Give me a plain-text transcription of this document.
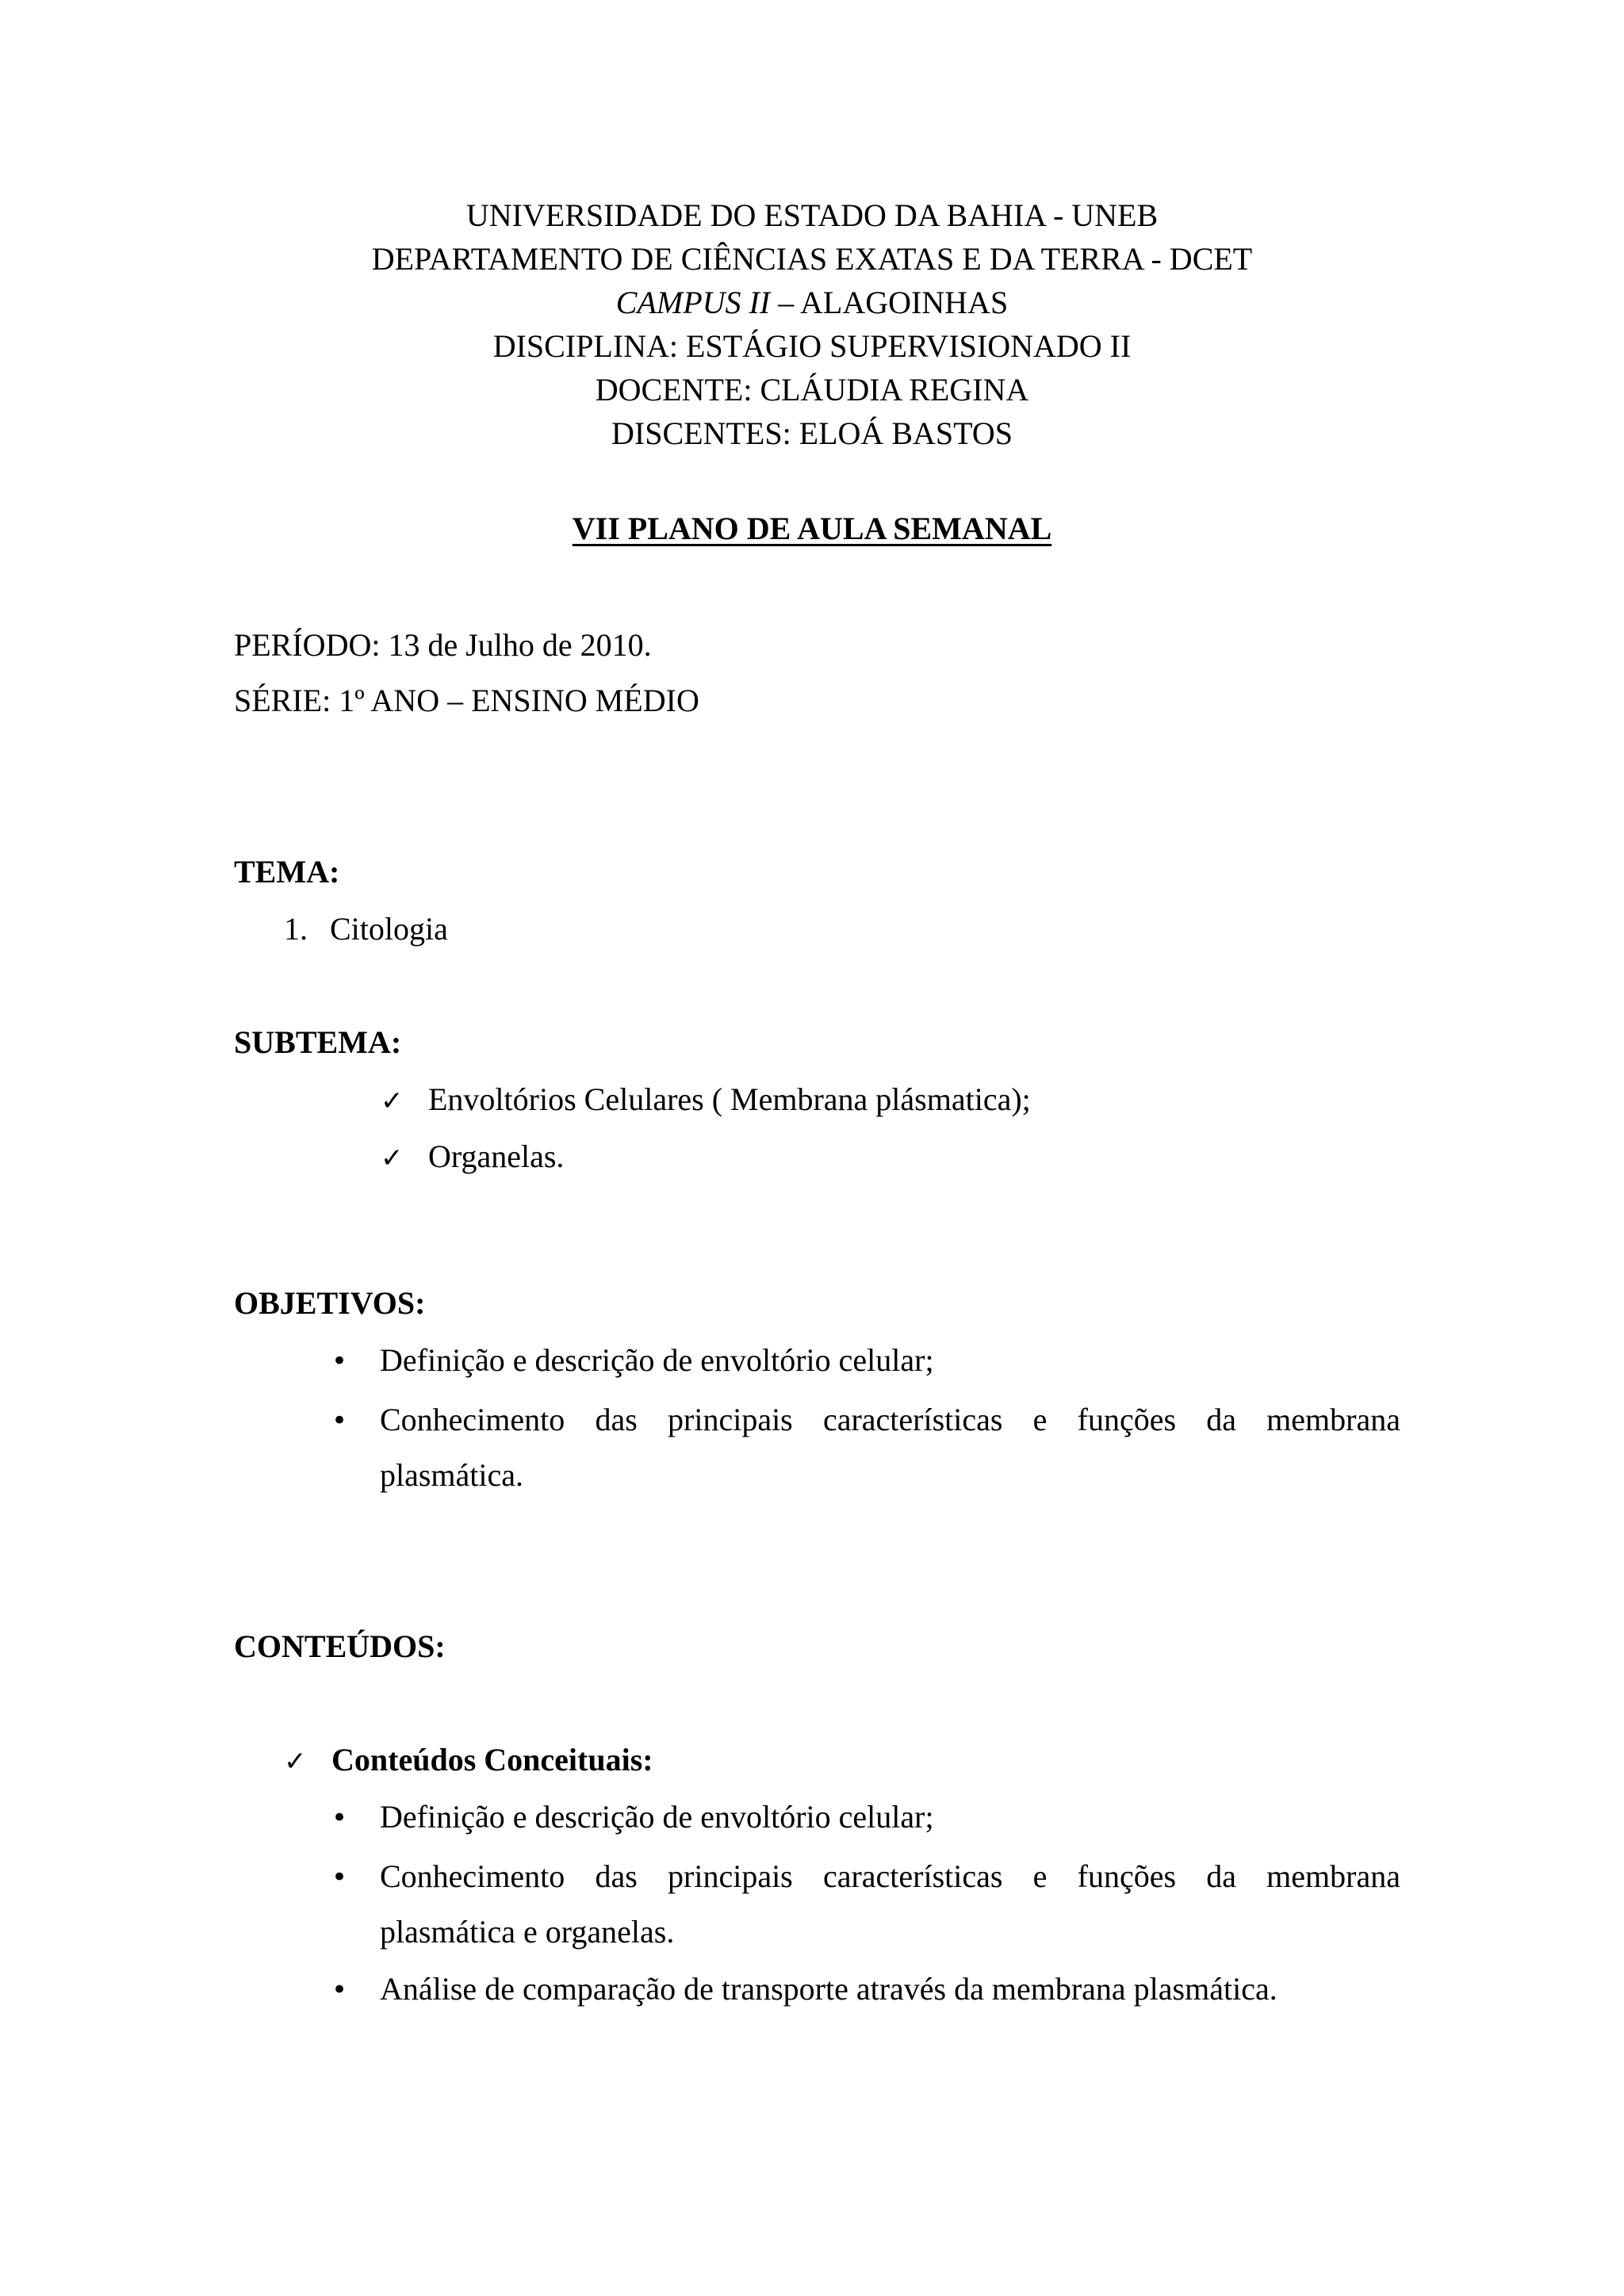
UNIVERSIDADE DO ESTADO DA BAHIA - UNEB
DEPARTAMENTO DE CIÊNCIAS EXATAS E DA TERRA - DCET
CAMPUS II – ALAGOINHAS
DISCIPLINA: ESTÁGIO SUPERVISIONADO II
DOCENTE: CLÁUDIA REGINA
DISCENTES: ELOÁ BASTOS
VII PLANO DE AULA SEMANAL
PERÍODO: 13 de Julho de 2010.
SÉRIE: 1º ANO – ENSINO MÉDIO
TEMA:
1. Citologia
SUBTEMA:
✓ Envoltórios Celulares ( Membrana plásmatica);
✓ Organelas.
OBJETIVOS:
• Definição e descrição de envoltório celular;
• Conhecimento das principais características e funções da membrana
plasmática.
CONTEÚDOS:
✓ Conteúdos Conceituais:
• Definição e descrição de envoltório celular;
• Conhecimento das principais características e funções da membrana
plasmática e organelas.
• Análise de comparação de transporte através da membrana plasmática.
